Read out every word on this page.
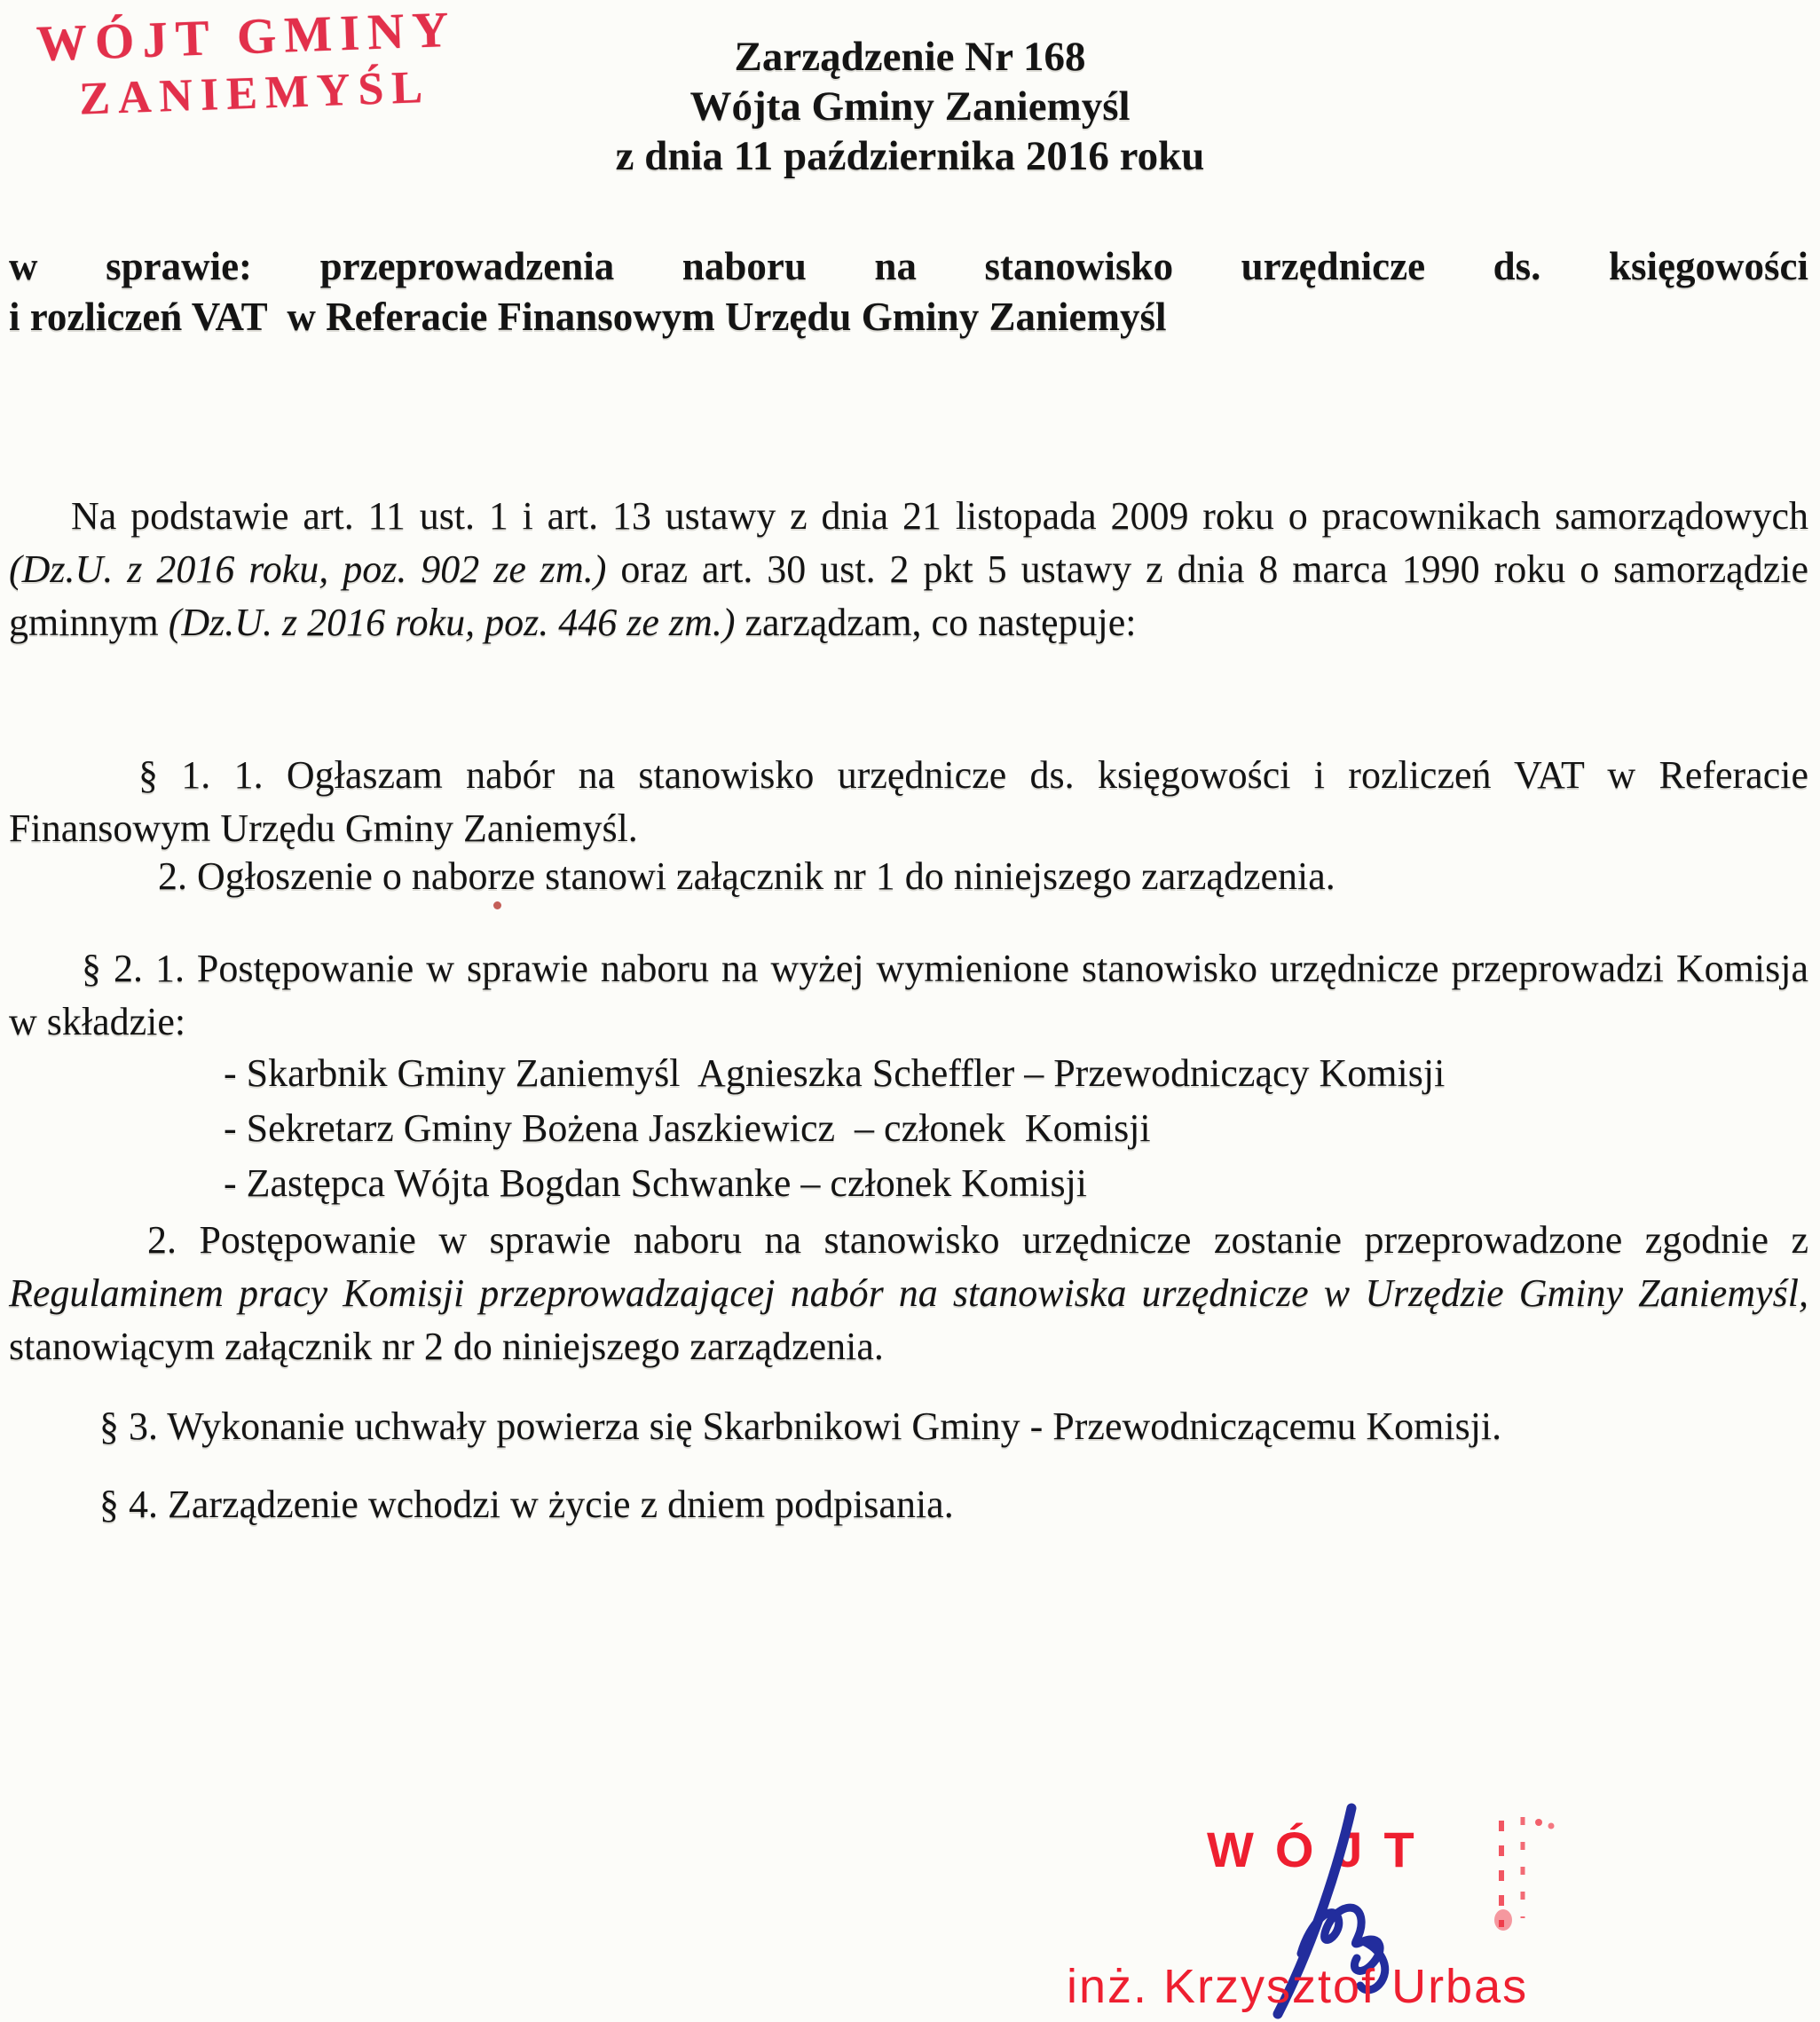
WÓJT GMINY
ZANIEMYŚL
Zarządzenie Nr 168
Wójta Gminy Zaniemyśl
z dnia 11 października 2016 roku
w sprawie: przeprowadzenia naboru na stanowisko urzędnicze ds. księgowości
i rozliczeń VAT  w Referacie Finansowym Urzędu Gminy Zaniemyśl

Na podstawie art. 11 ust. 1 i art. 13 ustawy z dnia 21 listopada 2009 roku o pracownikach samorządowych (Dz.U. z 2016 roku, poz. 902 ze zm.) oraz art. 30 ust. 2 pkt 5 ustawy z dnia 8 marca 1990 roku o samorządzie gminnym (Dz.U. z 2016 roku, poz. 446 ze zm.) zarządzam, co następuje:

§ 1. 1. Ogłaszam nabór na stanowisko urzędnicze ds. księgowości i rozliczeń VAT w Referacie Finansowym Urzędu Gminy Zaniemyśl.

2. Ogłoszenie o naborze stanowi załącznik nr 1 do niniejszego zarządzenia.

§ 2. 1. Postępowanie w sprawie naboru na wyżej wymienione stanowisko urzędnicze przeprowadzi Komisja w składzie:

- Skarbnik Gminy Zaniemyśl  Agnieszka Scheffler – Przewodniczący Komisji
- Sekretarz Gminy Bożena Jaszkiewicz  – członek  Komisji
- Zastępca Wójta Bogdan Schwanke – członek Komisji

2. Postępowanie w sprawie naboru na stanowisko urzędnicze zostanie przeprowadzone zgodnie z Regulaminem pracy Komisji przeprowadzającej nabór na stanowiska urzędnicze w Urzędzie Gminy Zaniemyśl, stanowiącym załącznik nr 2 do niniejszego zarządzenia.

§ 3. Wykonanie uchwały powierza się Skarbnikowi Gminy - Przewodniczącemu Komisji.

§ 4. Zarządzenie wchodzi w życie z dniem podpisania.

WÓJT
inż. Krzysztof Urbas
